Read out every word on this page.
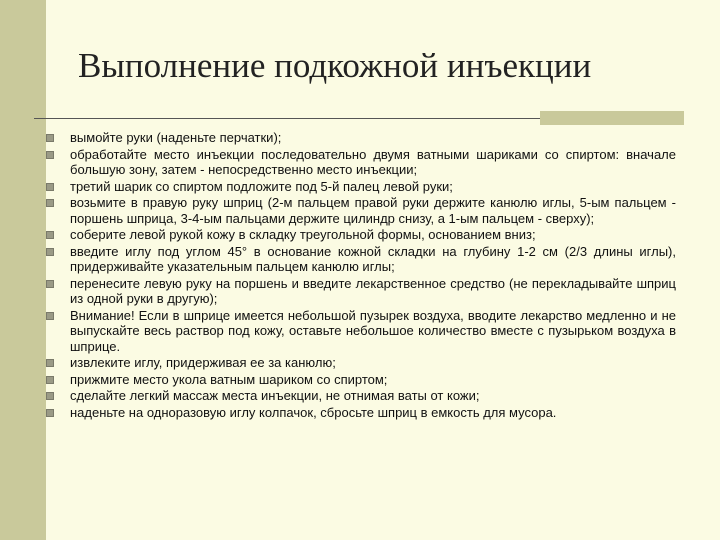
Выполнение подкожной инъекции
вымойте руки (наденьте перчатки);
обработайте место инъекции последовательно двумя ватными шариками со спиртом: вначале большую зону, затем - непосредственно место инъекции;
третий шарик со спиртом подложите под 5-й палец левой руки;
возьмите в правую руку шприц (2-м пальцем правой руки держите канюлю иглы, 5-ым пальцем - поршень шприца, 3-4-ым пальцами держите цилиндр снизу, а 1-ым пальцем - сверху);
соберите левой рукой кожу в складку треугольной формы, основанием вниз;
введите иглу под углом 45° в основание кожной складки на глубину 1-2 см (2/3 длины иглы), придерживайте указательным пальцем канюлю иглы;
перенесите левую руку на поршень и введите лекарственное средство (не перекладывайте шприц из одной руки в другую);
Внимание! Если в шприце имеется небольшой пузырек воздуха, вводите лекарство медленно и не выпускайте весь раствор под кожу, оставьте небольшое количество вместе с пузырьком воздуха в шприце.
извлеките иглу, придерживая ее за канюлю;
прижмите место укола ватным шариком со спиртом;
сделайте легкий массаж места инъекции, не отнимая ваты от кожи;
наденьте на одноразовую иглу колпачок, сбросьте шприц в емкость для мусора.
